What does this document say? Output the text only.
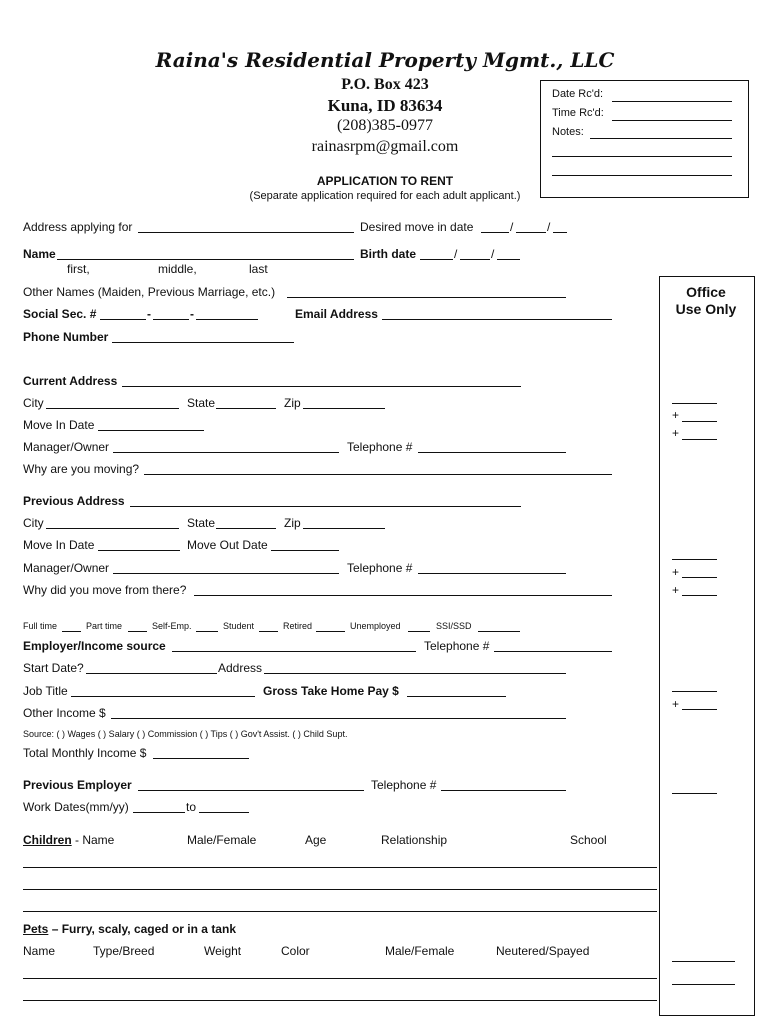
Raina's Residential Property Mgmt., LLC
P.O. Box 423
Kuna, ID 83634
(208)385-0977
rainasrpm@gmail.com
APPLICATION TO RENT
(Separate application required for each adult applicant.)
Date Rc'd:
Time Rc'd:
Notes:
Office
Use Only
+
+
+
+
+
Address applying for	Desired move in date	/	/
Name	Birth date	/	/
first,	middle,	last
Other Names (Maiden, Previous Marriage, etc.)
Social Sec. #	-	-	Email Address
Phone Number
Current Address
City	State	Zip
Move In Date
Manager/Owner	Telephone #
Why are you moving?
Previous Address
City	State	Zip
Move In Date	Move Out Date
Manager/Owner	Telephone #
Why did you move from there?
Full time	Part time	Self-Emp.	Student	Retired	Unemployed	SSI/SSD
Employer/Income source	Telephone #
Start Date?	Address
Job Title	Gross Take Home Pay $
Other Income $
Source: ( ) Wages ( ) Salary ( ) Commission ( ) Tips ( ) Gov't Assist. ( ) Child Supt.
Total Monthly Income $
Previous Employer	Telephone #
Work Dates(mm/yy)	to
Children - Name	Male/Female	Age	Relationship	School
Pets – Furry, scaly, caged or in a tank
Name	Type/Breed	Weight	Color	Male/Female	Neutered/Spayed
